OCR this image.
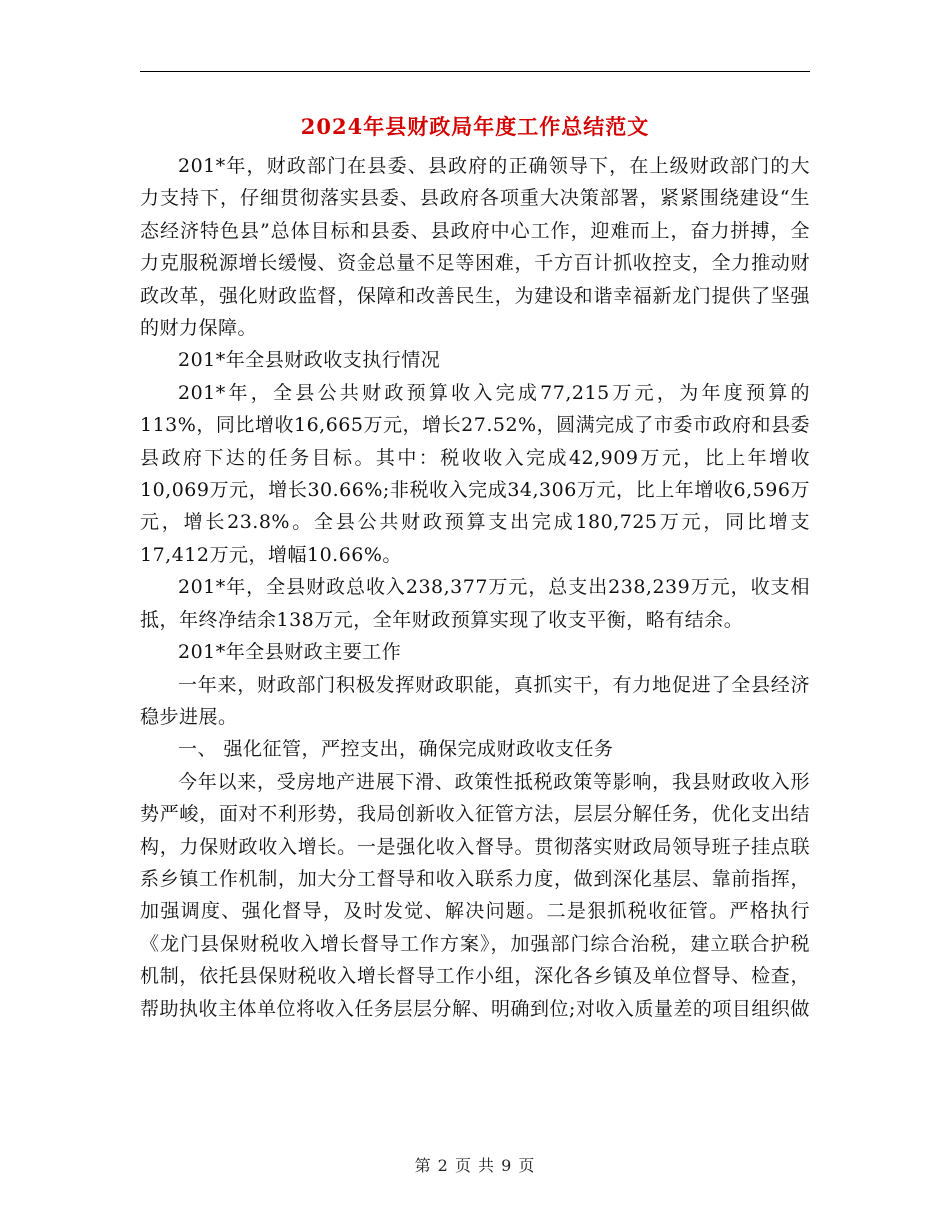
2024年县财政局年度工作总结范文

201*年，财政部门在县委、县政府的正确领导下，在上级财政部门的大力支持下，仔细贯彻落实县委、县政府各项重大决策部署，紧紧围绕建设“生态经济特色县”总体目标和县委、县政府中心工作，迎难而上，奋力拼搏，全力克服税源增长缓慢、资金总量不足等困难，千方百计抓收控支，全力推动财政改革，强化财政监督，保障和改善民生，为建设和谐幸福新龙门提供了坚强的财力保障。

201*年全县财政收支执行情况

201*年，全县公共财政预算收入完成77,215万元，为年度预算的113%，同比增收16,665万元，增长27.52%，圆满完成了市委市政府和县委县政府下达的任务目标。其中：税收收入完成42,909万元，比上年增收10,069万元，增长30.66%;非税收入完成34,306万元，比上年增收6,596万元，增长23.8%。全县公共财政预算支出完成180,725万元，同比增支17,412万元，增幅10.66%。

201*年，全县财政总收入238,377万元，总支出238,239万元，收支相抵，年终净结余138万元，全年财政预算实现了收支平衡，略有结余。

201*年全县财政主要工作

一年来，财政部门积极发挥财政职能，真抓实干，有力地促进了全县经济稳步进展。

一、 强化征管，严控支出，确保完成财政收支任务

今年以来，受房地产进展下滑、政策性抵税政策等影响，我县财政收入形势严峻，面对不利形势，我局创新收入征管方法，层层分解任务，优化支出结构，力保财政收入增长。一是强化收入督导。贯彻落实财政局领导班子挂点联系乡镇工作机制，加大分工督导和收入联系力度，做到深化基层、靠前指挥，加强调度、强化督导，及时发觉、解决问题。二是狠抓税收征管。严格执行《龙门县保财税收入增长督导工作方案》，加强部门综合治税，建立联合护税机制，依托县保财税收入增长督导工作小组，深化各乡镇及单位督导、检查，帮助执收主体单位将收入任务层层分解、明确到位;对收入质量差的项目组织做

第 2 页 共 9 页
